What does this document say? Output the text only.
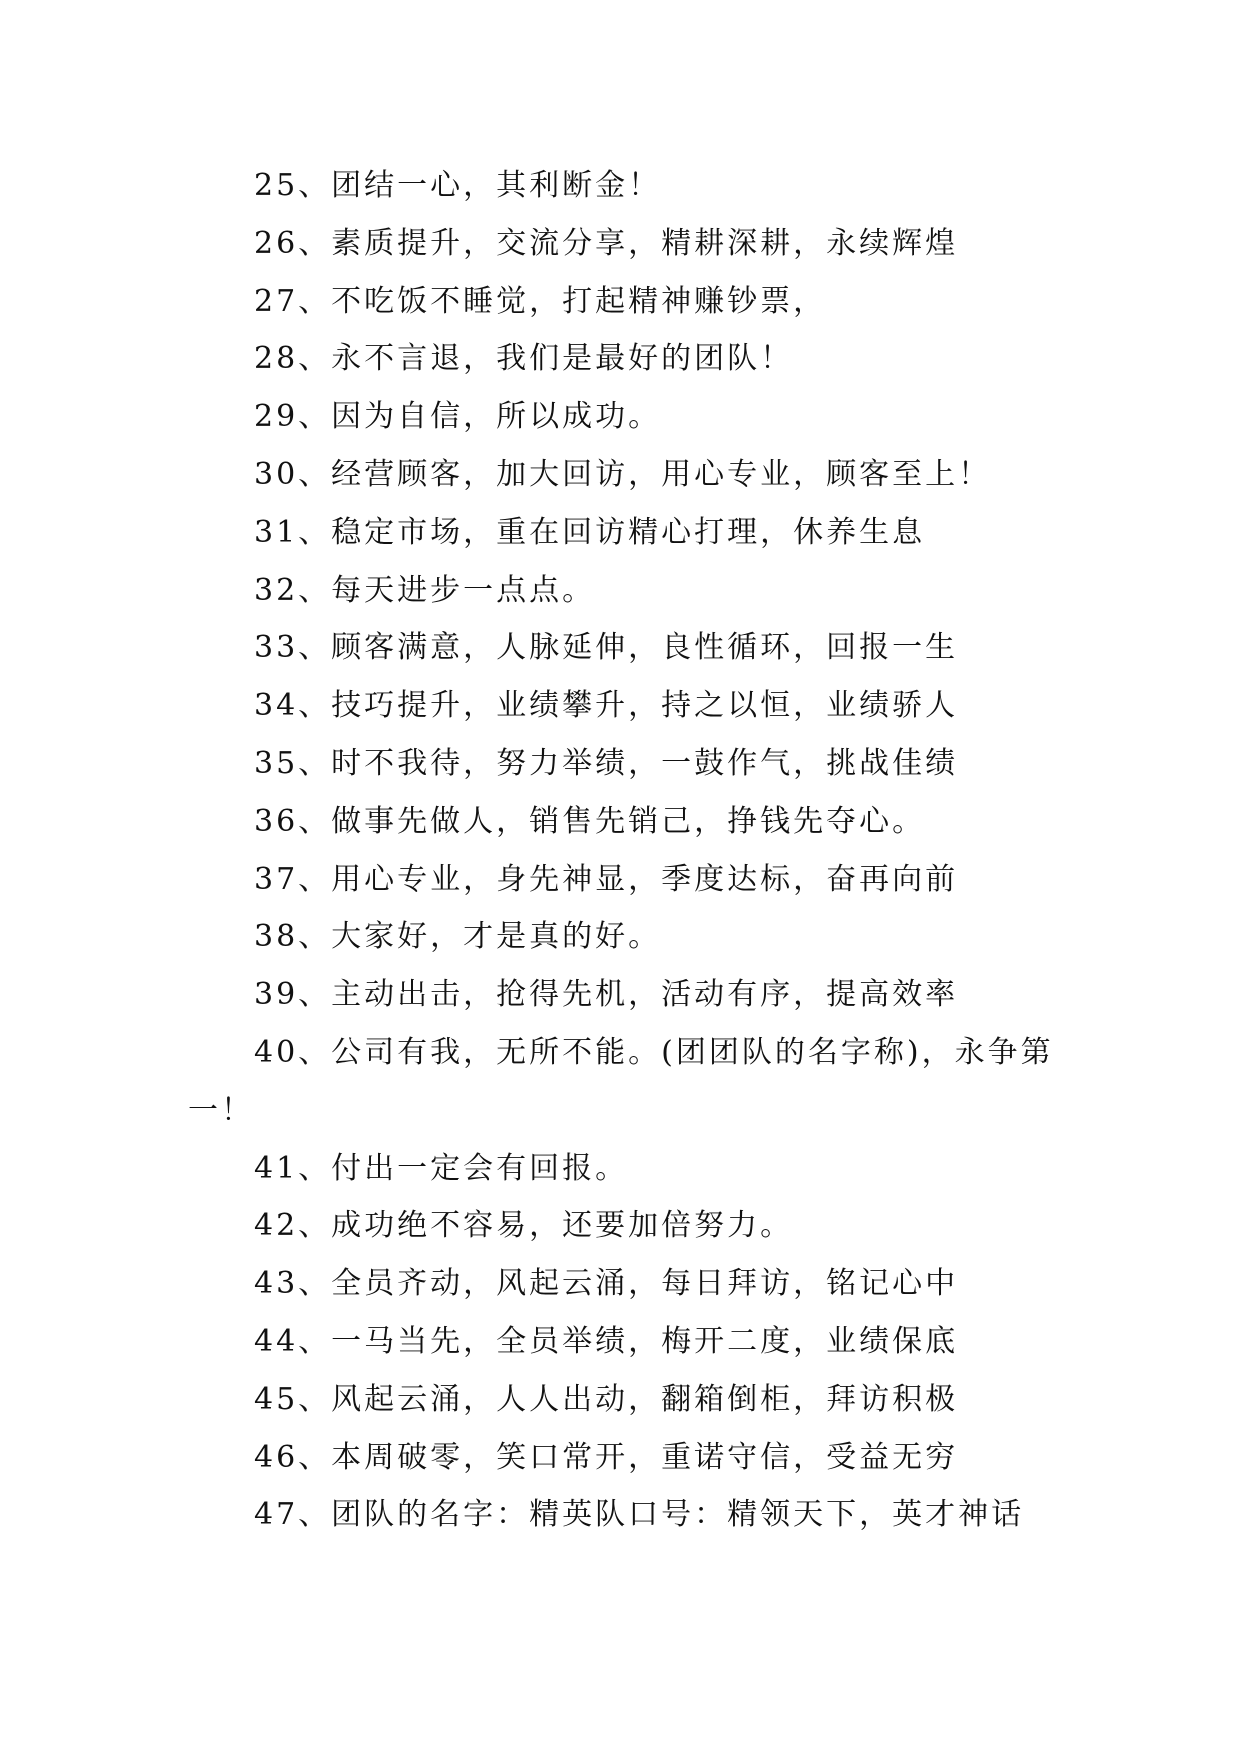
25、团结一心，其利断金！
26、素质提升，交流分享，精耕深耕，永续辉煌
27、不吃饭不睡觉，打起精神赚钞票，
28、永不言退，我们是最好的团队！
29、因为自信，所以成功。
30、经营顾客，加大回访，用心专业，顾客至上！
31、稳定市场，重在回访精心打理，休养生息
32、每天进步一点点。
33、顾客满意，人脉延伸，良性循环，回报一生
34、技巧提升，业绩攀升，持之以恒，业绩骄人
35、时不我待，努力举绩，一鼓作气，挑战佳绩
36、做事先做人，销售先销己，挣钱先夺心。
37、用心专业，身先神显，季度达标，奋再向前
38、大家好，才是真的好。
39、主动出击，抢得先机，活动有序，提高效率
40、公司有我，无所不能。(团团队的名字称)，永争第
一！
41、付出一定会有回报。
42、成功绝不容易，还要加倍努力。
43、全员齐动，风起云涌，每日拜访，铭记心中
44、一马当先，全员举绩，梅开二度，业绩保底
45、风起云涌，人人出动，翻箱倒柜，拜访积极
46、本周破零，笑口常开，重诺守信，受益无穷
47、团队的名字：精英队口号：精领天下，英才神话
